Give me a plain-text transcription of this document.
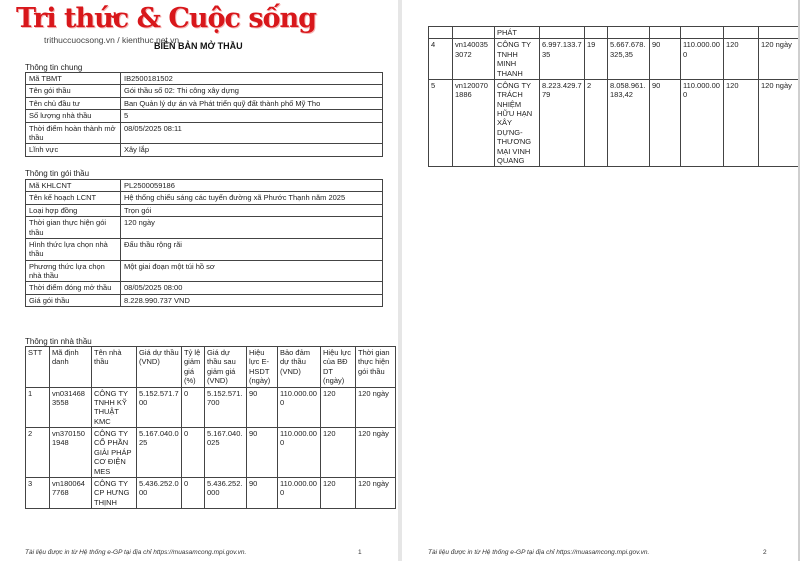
Tri thức & Cuộc sống
trithuccuocsong.vn / kienthuc.net.vn
BIÊN BẢN MỞ THẦU
Thông tin chung
Mã TBMT	IB2500181502
Tên gói thầu	Gói thầu số 02: Thi công xây dựng
Tên chủ đầu tư	Ban Quản lý dự án và Phát triển quỹ đất thành phố Mỹ Tho
Số lượng nhà thầu	5
Thời điểm hoàn thành mở thầu	08/05/2025 08:11
Lĩnh vực	Xây lắp
Thông tin gói thầu
Mã KHLCNT	PL2500059186
Tên kế hoạch LCNT	Hệ thống chiếu sáng các tuyến đường xã Phước Thạnh năm 2025
Loại hợp đồng	Trọn gói
Thời gian thực hiện gói thầu	120 ngày
Hình thức lựa chọn nhà thầu	Đấu thầu rộng rãi
Phương thức lựa chọn nhà thầu	Một giai đoạn một túi hồ sơ
Thời điểm đóng mở thầu	08/05/2025 08:00
Giá gói thầu	8.228.990.737 VND
Thông tin nhà thầu
STT	Mã định danh	Tên nhà thầu	Giá dự thầu (VND)	Tỷ lệ giảm giá (%)	Giá dự thầu sau giảm giá (VND)	Hiệu lực E-HSDT (ngày)	Bảo đảm dự thầu (VND)	Hiệu lực của BĐ DT (ngày)	Thời gian thực hiện gói thầu
1	vn0314683558	CÔNG TY TNHH KỸ THUẬT KMC	5.152.571.700	0	5.152.571.700	90	110.000.000	120	120 ngày
2	vn3701501948	CÔNG TY CỔ PHẦN GIẢI PHÁP CƠ ĐIỆN MES	5.167.040.025	0	5.167.040.025	90	110.000.000	120	120 ngày
3	vn1800647768	CÔNG TY CP HƯNG THỊNH	5.436.252.000	0	5.436.252.000	90	110.000.000	120	120 ngày
Tài liệu được in từ Hệ thống e-GP tại địa chỉ https://muasamcong.mpi.gov.vn.	1
		PHÁT							
4	vn1400353072	CÔNG TY TNHH MINH THANH	6.997.133.735	19	5.667.678.325,35	90	110.000.000	120	120 ngày
5	vn1200701886	CÔNG TY TRÁCH NHIỆM HỮU HẠN XÂY DỰNG-THƯƠNG MẠI VINH QUANG	8.223.429.779	2	8.058.961.183,42	90	110.000.000	120	120 ngày
Tài liệu được in từ Hệ thống e-GP tại địa chỉ https://muasamcong.mpi.gov.vn.	2
